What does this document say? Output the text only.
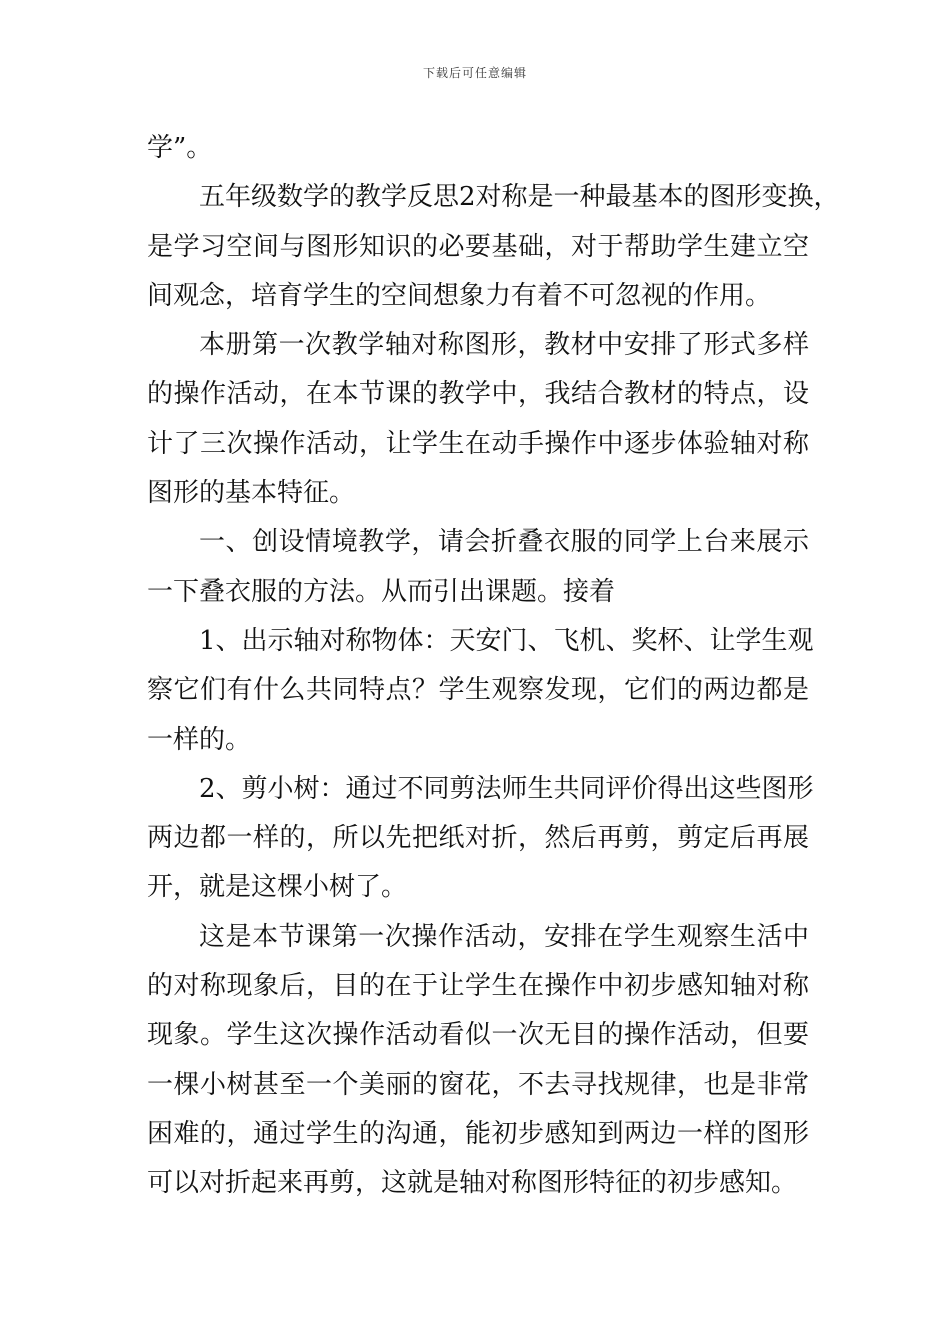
下载后可任意编辑
学”。
五年级数学的教学反思2对称是一种最基本的图形变换，
是学习空间与图形知识的必要基础，对于帮助学生建立空
间观念，培育学生的空间想象力有着不可忽视的作用。
本册第一次教学轴对称图形，教材中安排了形式多样
的操作活动，在本节课的教学中，我结合教材的特点，设
计了三次操作活动，让学生在动手操作中逐步体验轴对称
图形的基本特征。
一、创设情境教学，请会折叠衣服的同学上台来展示
一下叠衣服的方法。从而引出课题。接着
1、出示轴对称物体：天安门、飞机、奖杯、让学生观
察它们有什么共同特点？学生观察发现，它们的两边都是
一样的。
2、剪小树：通过不同剪法师生共同评价得出这些图形
两边都一样的，所以先把纸对折，然后再剪，剪定后再展
开，就是这棵小树了。
这是本节课第一次操作活动，安排在学生观察生活中
的对称现象后，目的在于让学生在操作中初步感知轴对称
现象。学生这次操作活动看似一次无目的操作活动，但要
一棵小树甚至一个美丽的窗花，不去寻找规律，也是非常
困难的，通过学生的沟通，能初步感知到两边一样的图形
可以对折起来再剪，这就是轴对称图形特征的初步感知。
